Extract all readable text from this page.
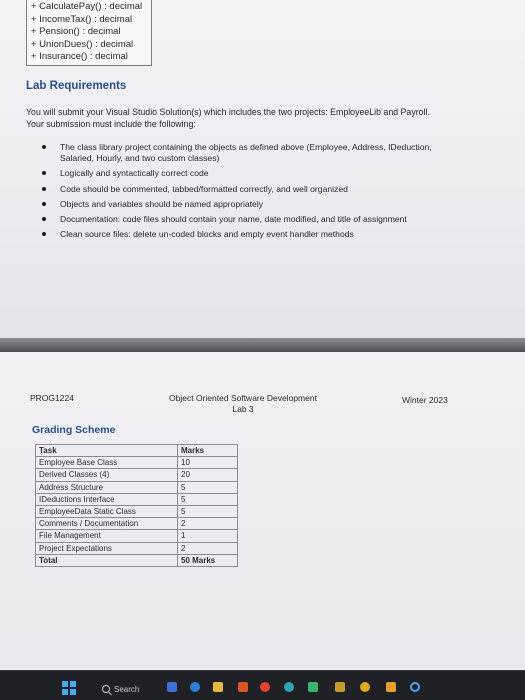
+ CalculatePay() : decimal
+ IncomeTax() : decimal
+ Pension() : decimal
+ UnionDues() : decimal
+ Insurance() : decimal
Lab Requirements
You will submit your Visual Studio Solution(s) which includes the two projects: EmployeeLib and Payroll.
Your submission must include the following:
The class library project containing the objects as defined above (Employee, Address, IDeduction, Salaried, Hourly, and two custom classes)
Logically and syntactically correct code
Code should be commented, tabbed/formatted correctly, and well organized
Objects and variables should be named appropriately
Documentation: code files should contain your name, date modified, and title of assignment
Clean source files: delete un-coded blocks and empty event handler methods
PROG1224	Object Oriented Software Development
Lab 3
Winter 2023
Grading Scheme
Task	Marks
Employee Base Class	10
Derived Classes (4)	20
Address Structure	5
IDeductions Interface	5
EmployeeData Static Class	5
Comments / Documentation	2
File Management	1
Project Expectations	2
Total	50 Marks
Search
